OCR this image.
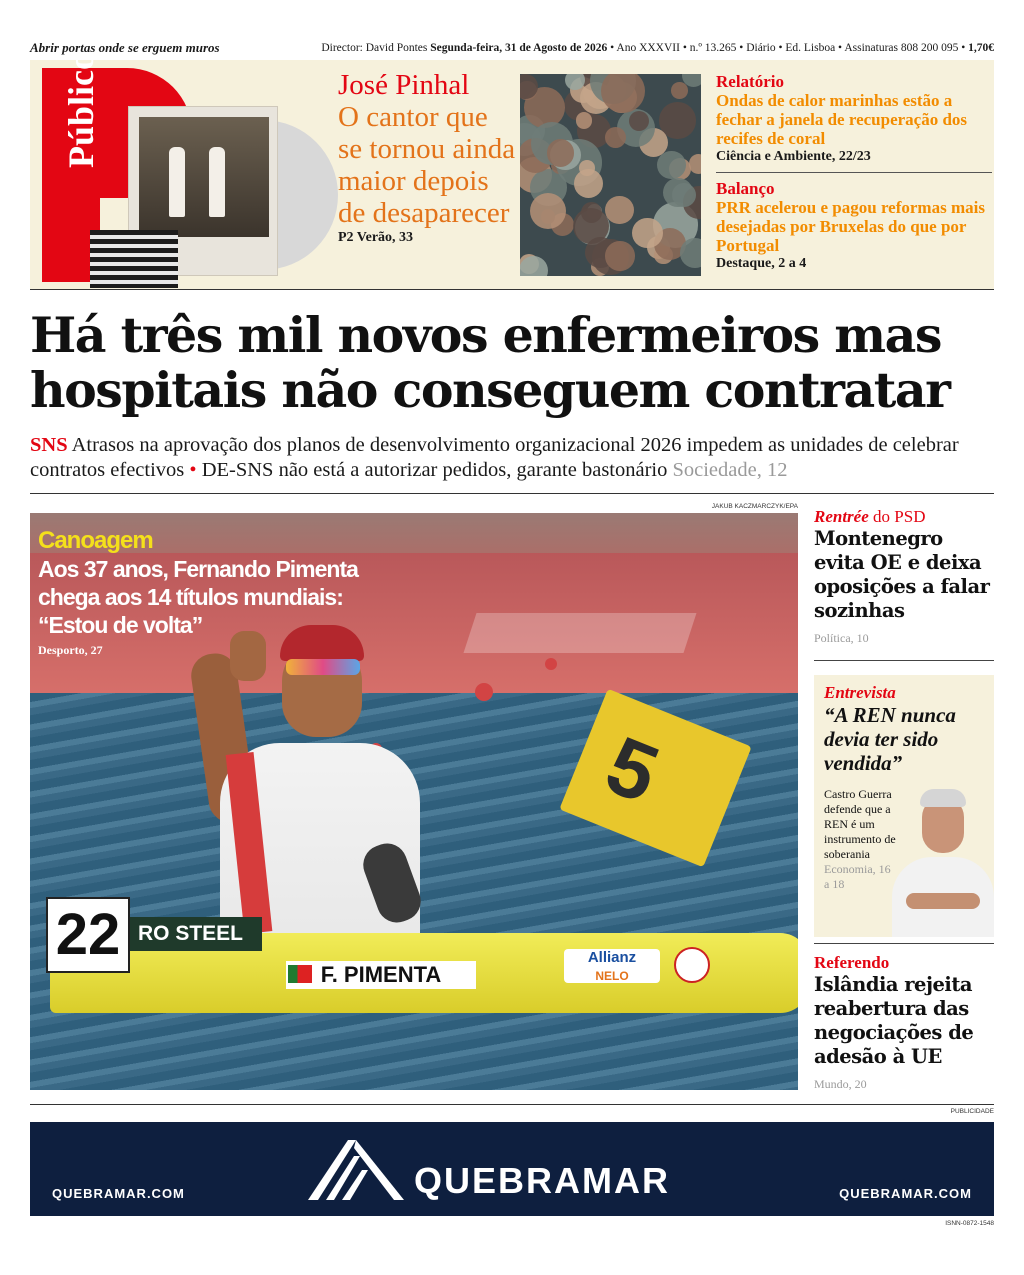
Abrir portas onde se erguem muros	Director: David Pontes Segunda-feira, 31 de Agosto de 2026 • Ano XXXVII • n.º 13.265 • Diário • Ed. Lisboa • Assinaturas 808 200 095 • 1,70€
Público	José Pinhal
O cantor que se tornou ainda maior depois de desaparecer
P2 Verão, 33
Relatório
Ondas de calor marinhas estão a fechar a janela de recuperação dos recifes de coral
Ciência e Ambiente, 22/23
Balanço
PRR acelerou e pagou reformas mais desejadas por Bruxelas do que por Portugal
Destaque, 2 a 4
Há três mil novos enfermeiros mas hospitais não conseguem contratar

SNS Atrasos na aprovação dos planos de desenvolvimento organizacional 2026 impedem as unidades de celebrar contratos efectivos • DE-SNS não está a autorizar pedidos, garante bastonário Sociedade, 12

JAKUB KACZMARCZYK/EPA
5
22 RO STEEL
F. PIMENTA
Allianz
NELO
Canoagem
Aos 37 anos, Fernando Pimenta chega aos 14 títulos mundiais: “Estou de volta”
Desporto, 27
Rentrée do PSD
Montenegro evita OE e deixa oposições a falar sozinhas
Política, 10
Entrevista
“A REN nunca devia ter sido vendida”
Castro Guerra defende que a REN é um instrumento de soberania Economia, 16 a 18
Referendo
Islândia rejeita reabertura das negociações de adesão à UE
Mundo, 20
PUBLICIDADE
QUEBRAMAR
QUEBRAMAR.COM	QUEBRAMAR.COM
ISNN-0872-1548
